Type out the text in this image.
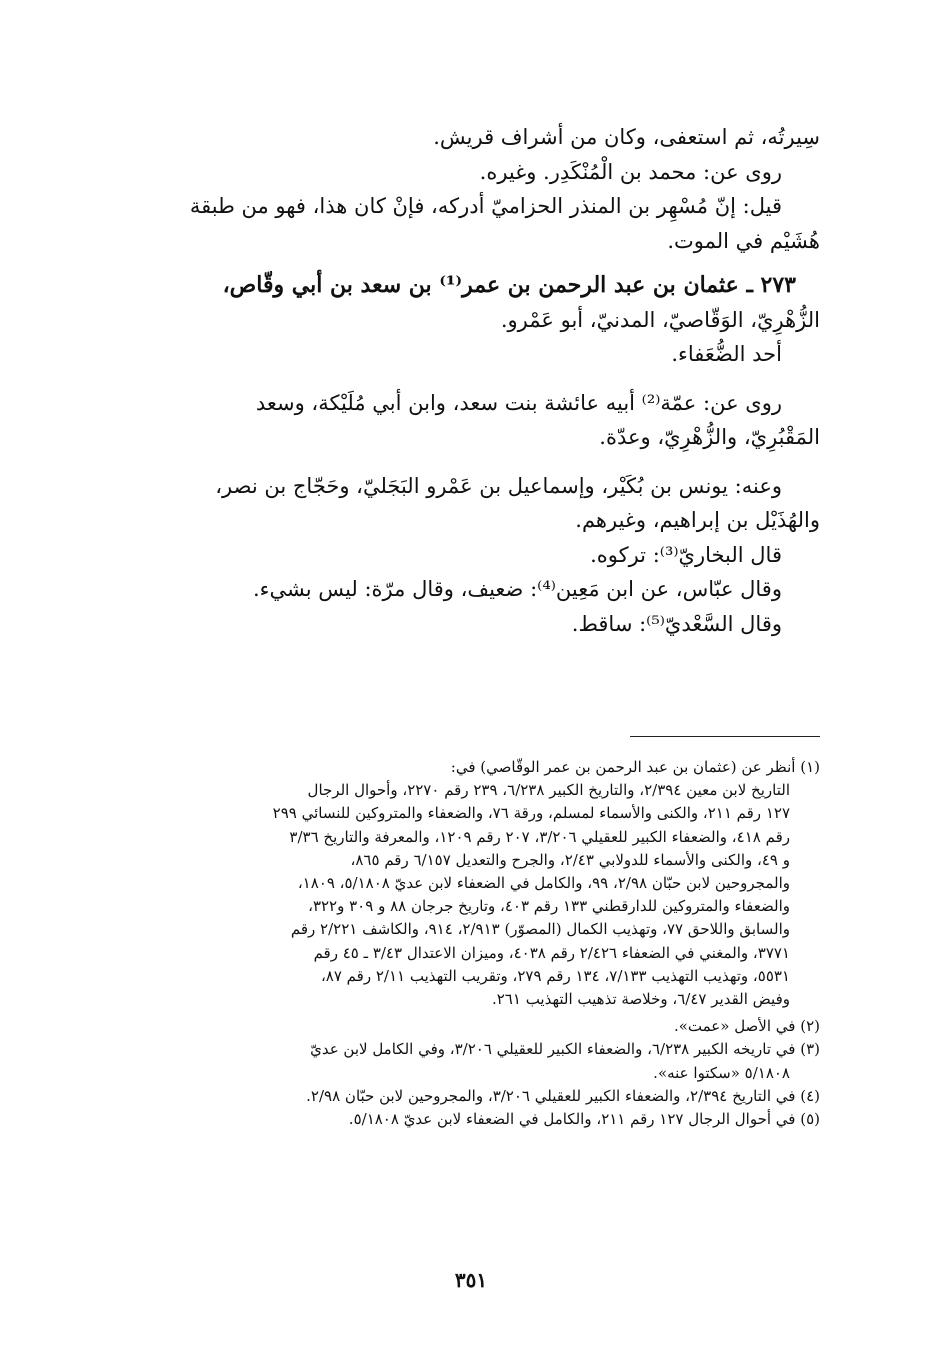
سِيرتُه، ثم استعفى، وكان من أشراف قريش.
روى عن: محمد بن الْمُنْكَدِر. وغيره.
قيل: إنّ مُسْهِر بن المنذر الحزاميّ أدركه، فإنْ كان هذا، فهو من طبقة
هُشَيْم في الموت.
٢٧٣ ـ عثمان بن عبد الرحمن بن عمر⁽¹⁾ بن سعد بن أبي وقّاص،
الزُّهْرِيّ، الوَقّاصيّ، المدنيّ، أبو عَمْرو.
أحد الضُّعَفاء.
روى عن: عمّة⁽²⁾ أبيه عائشة بنت سعد، وابن أبي مُلَيْكة، وسعد
المَقْبُرِيّ، والزُّهْرِيّ، وعدّة.
وعنه: يونس بن بُكَيْر، وإسماعيل بن عَمْرو البَجَليّ، وحَجّاج بن نصر،
والهُذَيْل بن إبراهيم، وغيرهم.
قال البخاريّ⁽³⁾: تركوه.
وقال عبّاس، عن ابن مَعِين⁽⁴⁾: ضعيف، وقال مرّة: ليس بشيء.
وقال السَّعْديّ⁽⁵⁾: ساقط.
(١) أنظر عن (عثمان بن عبد الرحمن بن عمر الوقّاصي) في:
التاريخ لابن معين ٢/٣٩٤، والتاريخ الكبير ٦/٢٣٨، ٢٣٩ رقم ٢٢٧٠، وأحوال الرجال
١٢٧ رقم ٢١١، والكنى والأسماء لمسلم، ورقة ٧٦، والضعفاء والمتروكين للنسائي ٢٩٩
رقم ٤١٨، والضعفاء الكبير للعقيلي ٣/٢٠٦، ٢٠٧ رقم ١٢٠٩، والمعرفة والتاريخ ٣/٣٦
و ٤٩، والكنى والأسماء للدولابي ٢/٤٣، والجرح والتعديل ٦/١٥٧ رقم ٨٦٥،
والمجروحين لابن حبّان ٢/٩٨، ٩٩، والكامل في الضعفاء لابن عديّ ٥/١٨٠٨، ١٨٠٩،
والضعفاء والمتروكين للدارقطني ١٣٣ رقم ٤٠٣، وتاريخ جرجان ٨٨ و ٣٠٩ و٣٢٢،
والسابق واللاحق ٧٧، وتهذيب الكمال (المصوّر) ٢/٩١٣، ٩١٤، والكاشف ٢/٢٢١ رقم
٣٧٧١، والمغني في الضعفاء ٢/٤٢٦ رقم ٤٠٣٨، وميزان الاعتدال ٣/٤٣ ـ ٤٥ رقم
٥٥٣١، وتهذيب التهذيب ٧/١٣٣، ١٣٤ رقم ٢٧٩، وتقريب التهذيب ٢/١١ رقم ٨٧،
وفيض القدير ٦/٤٧، وخلاصة تذهيب التهذيب ٢٦١.
(٢) في الأصل «عمت».
(٣) في تاريخه الكبير ٦/٢٣٨، والضعفاء الكبير للعقيلي ٣/٢٠٦، وفي الكامل لابن عديّ
٥/١٨٠٨ «سكتوا عنه».
(٤) في التاريخ ٢/٣٩٤، والضعفاء الكبير للعقيلي ٣/٢٠٦، والمجروحين لابن حبّان ٢/٩٨.
(٥) في أحوال الرجال ١٢٧ رقم ٢١١، والكامل في الضعفاء لابن عديّ ٥/١٨٠٨.
٣٥١
